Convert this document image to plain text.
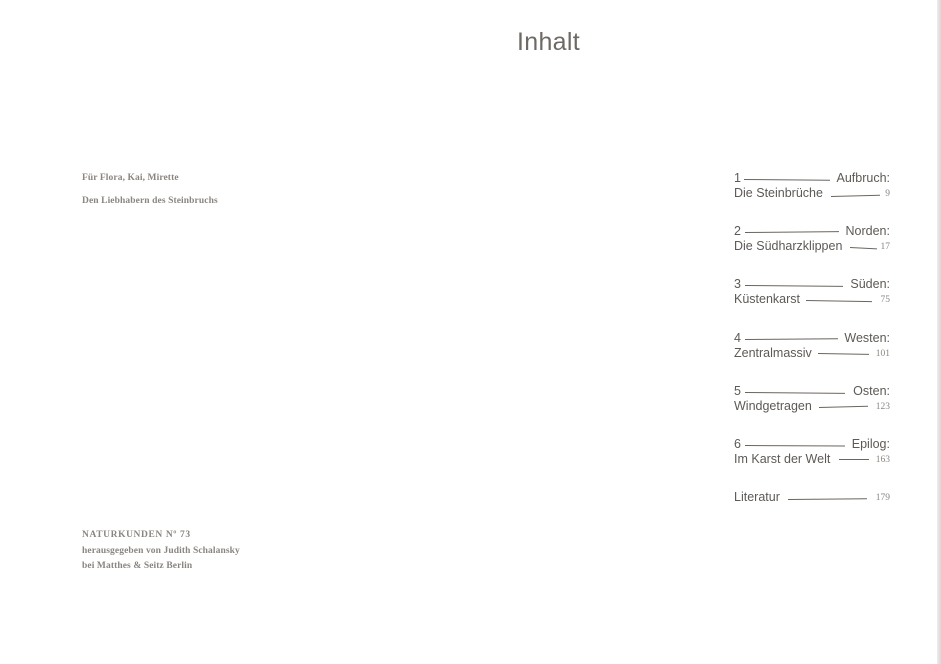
Inhalt
Für Flora, Kai, Mirette
Den Liebhabern des Steinbruchs
NATURKUNDEN Nº 73
herausgegeben von Judith Schalansky
bei Matthes & Seitz Berlin
1	Aufbruch:
Die Steinbrüche	9
2	Norden:
Die Südharzklippen	17
3	Süden:
Küstenkarst	75
4	Westen:
Zentralmassiv	101
5	Osten:
Windgetragen	123
6	Epilog:
Im Karst der Welt	163
Literatur	179
